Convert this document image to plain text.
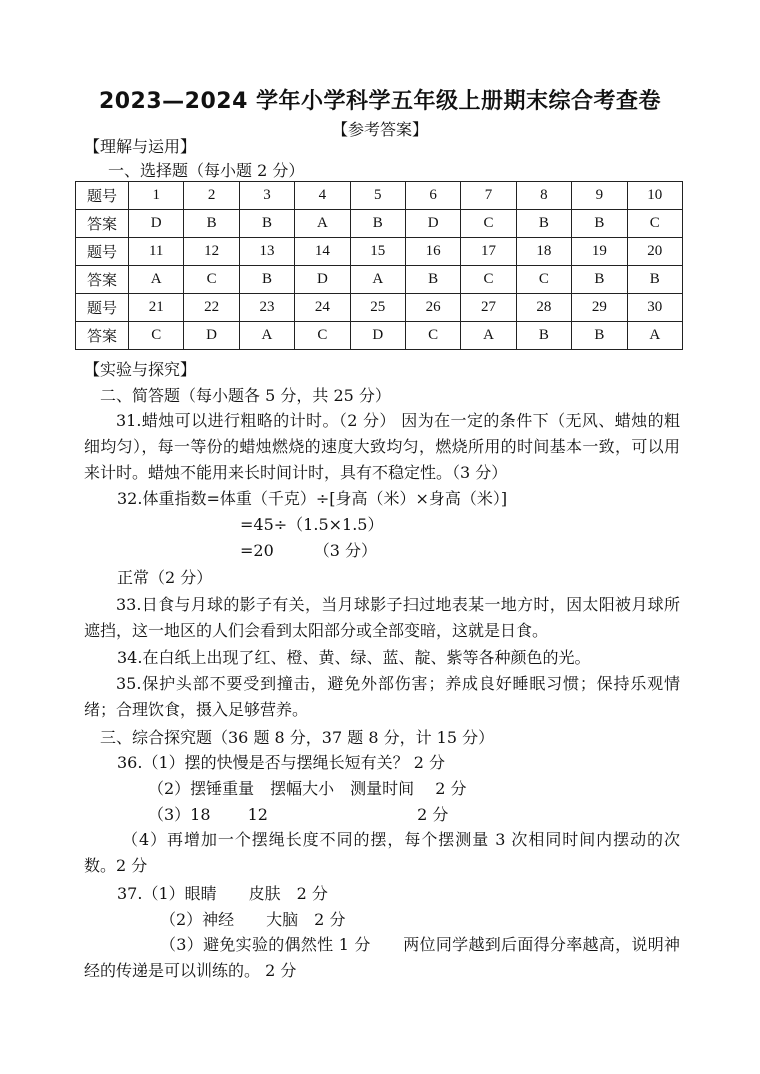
2023—2024 学年小学科学五年级上册期末综合考查卷
【参考答案】
【理解与运用】
一、选择题（每小题 2 分）
题号	1	2	3	4	5	6	7	8	9	10
答案	D	B	B	A	B	D	C	B	B	C
题号	11	12	13	14	15	16	17	18	19	20
答案	A	C	B	D	A	B	C	C	B	B
题号	21	22	23	24	25	26	27	28	29	30
答案	C	D	A	C	D	C	A	B	B	A
【实验与探究】
二、简答题（每小题各 5 分，共 25 分）
31.蜡烛可以进行粗略的计时。（2 分） 因为在一定的条件下（无风、蜡烛的粗细均匀），每一等份的蜡烛燃烧的速度大致均匀，燃烧所用的时间基本一致，可以用来计时。蜡烛不能用来长时间计时，具有不稳定性。（3 分）
32.体重指数=体重（千克）÷[身高（米）×身高（米）]
=45÷（1.5×1.5）
=20　　　（3 分）
正常（2 分）
33.日食与月球的影子有关，当月球影子扫过地表某一地方时，因太阳被月球所遮挡，这一地区的人们会看到太阳部分或全部变暗，这就是日食。
34.在白纸上出现了红、橙、黄、绿、蓝、靛、紫等各种颜色的光。
35.保护头部不要受到撞击，避免外部伤害；养成良好睡眠习惯；保持乐观情绪；合理饮食，摄入足够营养。
三、综合探究题（36 题 8 分，37 题 8 分，计 15 分）
36.（1）摆的快慢是否与摆绳长短有关？ 2 分
（2）摆锤重量　摆幅大小　测量时间　 2 分
（3）18　　 12　　　　　　　　　 2 分
（4）再增加一个摆绳长度不同的摆，每个摆测量 3 次相同时间内摆动的次数。2 分
37.（1）眼睛　　皮肤　2 分
（2）神经　　大脑　2 分
（3）避免实验的偶然性 1 分　　两位同学越到后面得分率越高，说明神经的传递是可以训练的。 2 分
